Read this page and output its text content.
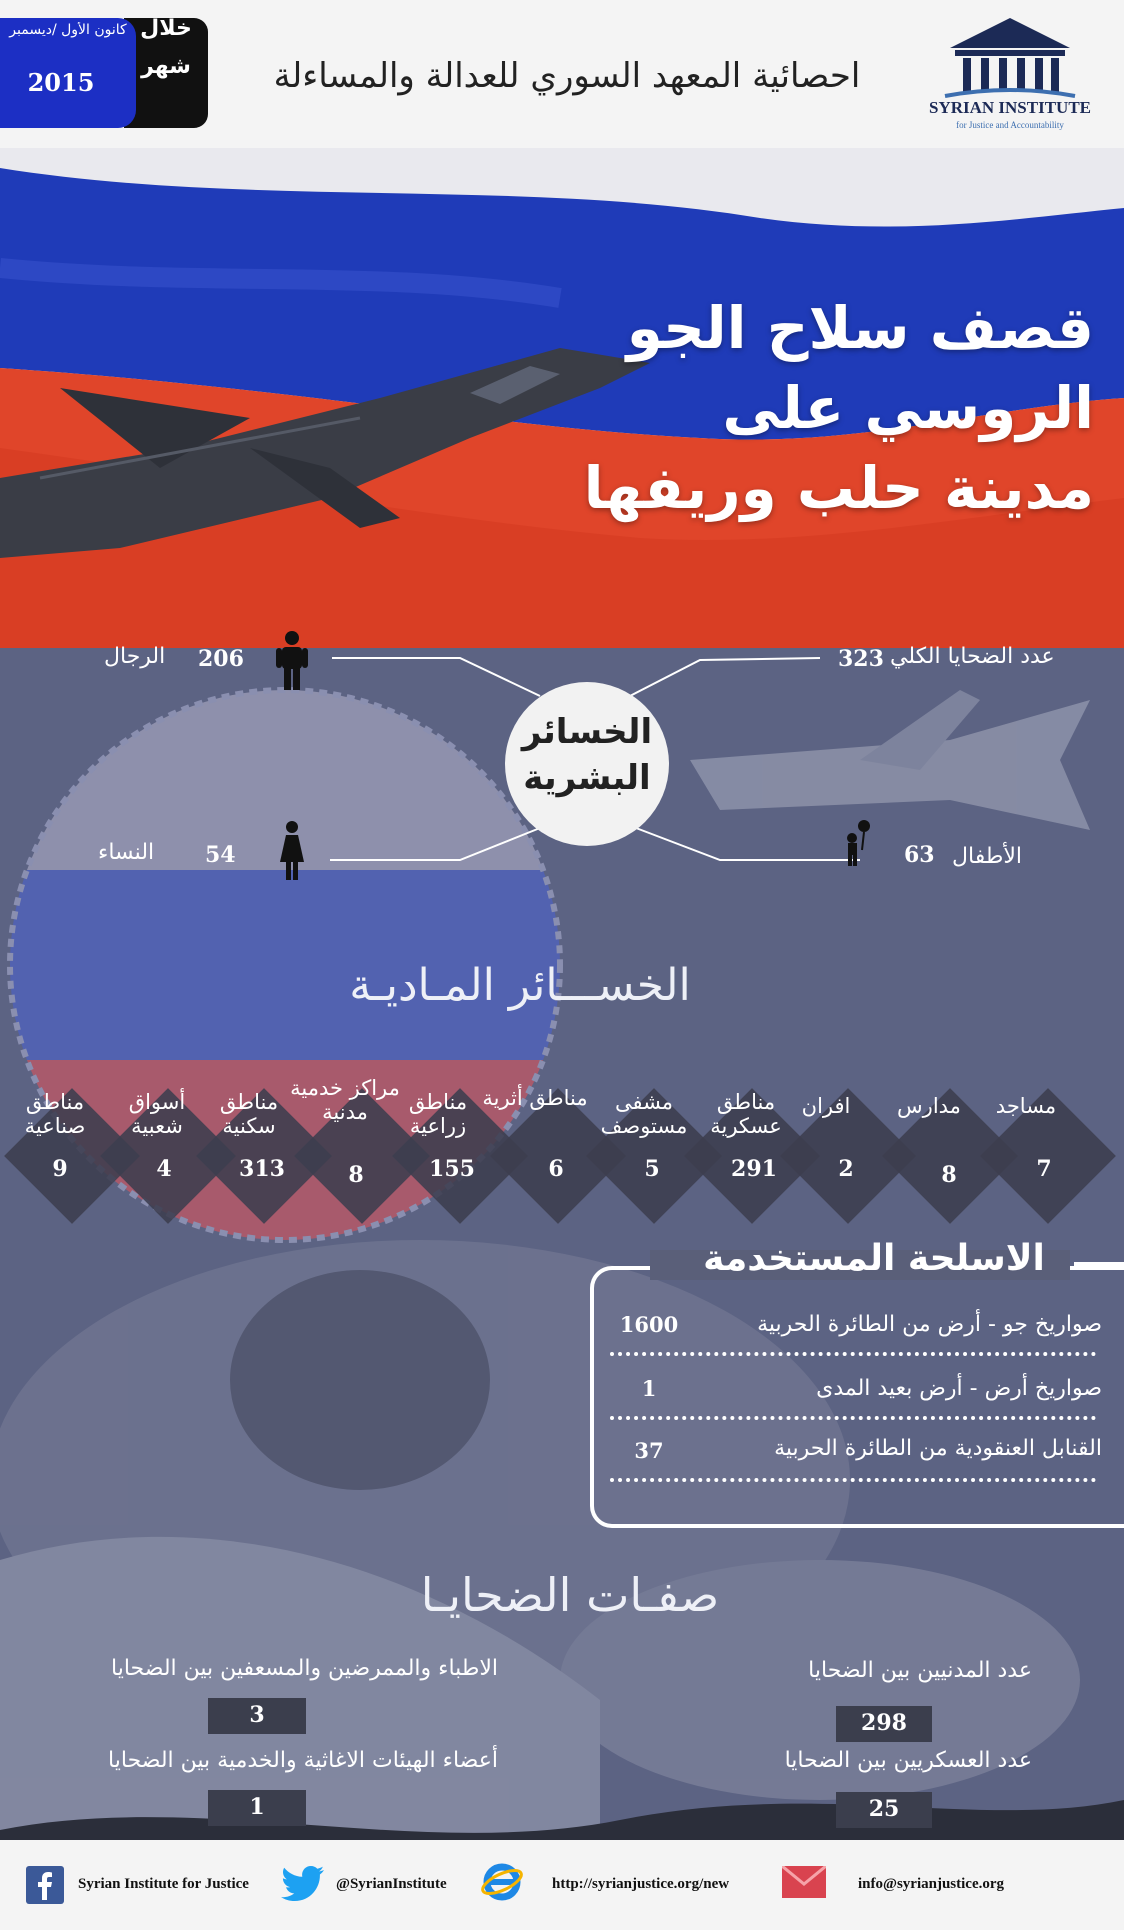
كانون الأول /ديسمبر
2015
خلال
شهر	احصائية المعهد السوري للعدالة والمساءلة
SYRIAN INSTITUTE
for Justice and Accountability
قصف سلاح الجو
الروسي على
مدينة حلب وريفها
الخسائر
البشرية
الرجال 206
النساء 54
323 عدد الضحايا الكلي
63 الأطفال
الخســـائر المـاديـة
مساجد
7
مدارس
8
افران
2
مناطق عسكرية
291
مشفى مستوصف
5
مناطق أثرية
6
مناطق زراعية
155
مراكز خدمية مدنية
8
مناطق سكنية
313
أسواق شعبية
4
مناطق صناعية
9
الاسلحة المستخدمة
صواريخ جو - أرض من الطائرة الحربية
1600
صواريخ أرض - أرض بعيد المدى
1
القنابل العنقودية من الطائرة الحربية
37
صفـات الضحايـا
الاطباء والممرضين والمسعفين بين الضحايا
3
أعضاء الهيئات الاغاثية والخدمية بين الضحايا
1
عدد المدنيين بين الضحايا
298
عدد العسكريين بين الضحايا
25
Syrian Institute for Justice	@SyrianInstitute	http://syrianjustice.org/new	info@syrianjustice.org
